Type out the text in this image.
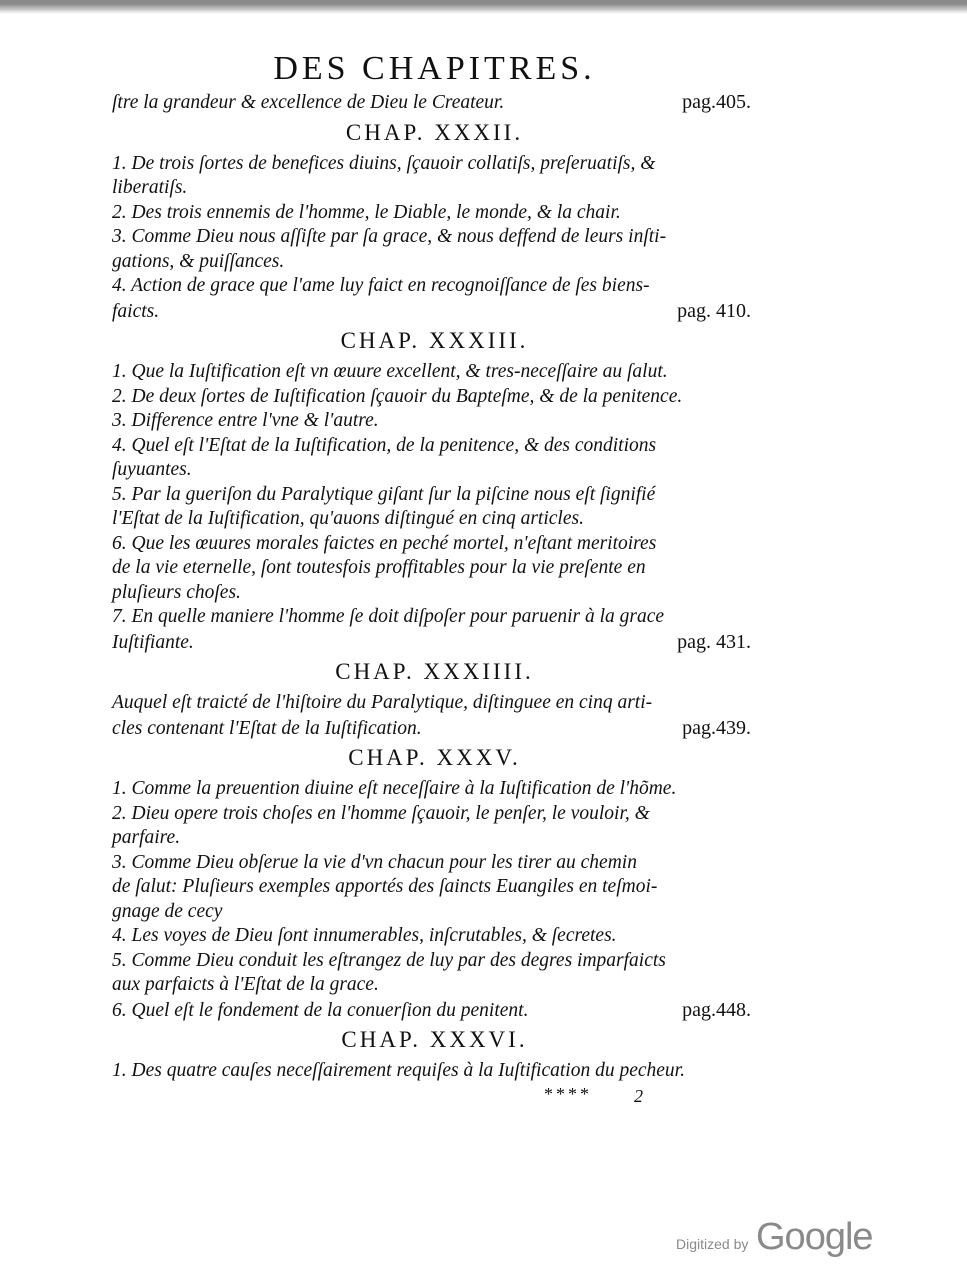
DES CHAPITRES.
ſtre la grandeur & excellence de Dieu le Createur.	pag.405.
CHAP. XXXII.
1. De trois ſortes de benefices diuins, ſçauoir collatiſs, preſeruatiſs, &
liberatiſs.
2. Des trois ennemis de l'homme, le Diable, le monde, & la chair.
3. Comme Dieu nous aſſiſte par ſa grace, & nous deffend de leurs inſti-
gations, & puiſſances.
4. Action de grace que l'ame luy faict en recognoiſſance de ſes biens-
faicts.	pag. 410.
CHAP. XXXIII.
1. Que la Iuſtification eſt vn œuure excellent, & tres-neceſſaire au ſalut.
2. De deux ſortes de Iuſtification ſçauoir du Bapteſme, & de la penitence.
3. Difference entre l'vne & l'autre.
4. Quel eſt l'Eſtat de la Iuſtification, de la penitence, & des conditions
ſuyuantes.
5. Par la gueriſon du Paralytique giſant ſur la piſcine nous eſt ſignifié
l'Eſtat de la Iuſtification, qu'auons diſtingué en cinq articles.
6. Que les œuures morales faictes en peché mortel, n'eſtant meritoires
de la vie eternelle, ſont toutesfois proffitables pour la vie preſente en
pluſieurs choſes.
7. En quelle maniere l'homme ſe doit diſpoſer pour paruenir à la grace
Iuſtifiante.	pag. 431.
CHAP. XXXIIII.
Auquel eſt traicté de l'hiſtoire du Paralytique, diſtinguee en cinq arti-
cles contenant l'Eſtat de la Iuſtification.	pag.439.
CHAP. XXXV.
1. Comme la preuention diuine eſt neceſſaire à la Iuſtification de l'hõme.
2. Dieu opere trois choſes en l'homme ſçauoir, le penſer, le vouloir, &
parfaire.
3. Comme Dieu obſerue la vie d'vn chacun pour les tirer au chemin
de ſalut: Pluſieurs exemples apportés des ſaincts Euangiles en teſmoi-
gnage de cecy
4. Les voyes de Dieu ſont innumerables, inſcrutables, & ſecretes.
5. Comme Dieu conduit les eſtrangez de luy par des degres imparfaicts
aux parfaicts à l'Eſtat de la grace.
6. Quel eſt le fondement de la conuerſion du penitent.	pag.448.
CHAP. XXXVI.
1. Des quatre cauſes neceſſairement requiſes à la Iuſtification du pecheur.
**** 2
Digitized by Google
